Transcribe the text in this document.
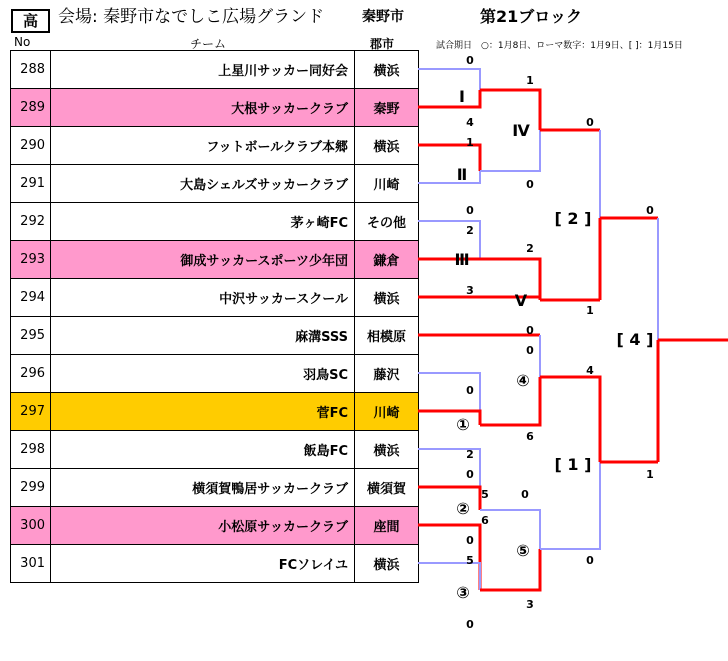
高	会場: 秦野市なでしこ広場グランド	秦野市	第21ブロック
No	チーム	郡市	試合期日　○：1月8日、ローマ数字：1月9日、[ ]：1月15日
288	上星川サッカー同好会	横浜
289	大根サッカークラブ	秦野
290	フットボールクラブ本郷	横浜
291	大島シェルズサッカークラブ	川崎
292	茅ヶ崎FC	その他
293	御成サッカースポーツ少年団	鎌倉
294	中沢サッカースクール	横浜
295	麻溝SSS	相模原
296	羽鳥SC	藤沢
297	菅FC	川崎
298	飯島FC	横浜
299	横須賀鴨居サッカークラブ	横須賀
300	小松原サッカークラブ	座間
301	FCソレイユ	横浜
Ⅰ
Ⅱ
Ⅲ
Ⅳ
Ⅴ
①
②
③
④
⑤
[ 2 ]
[ 1 ]
[ 4 ]
0
4
1
0
2
3
1
0
2
0
0
2
0
0
5
0
0
6
5
6
0
3
0
1
4
0
0
1
